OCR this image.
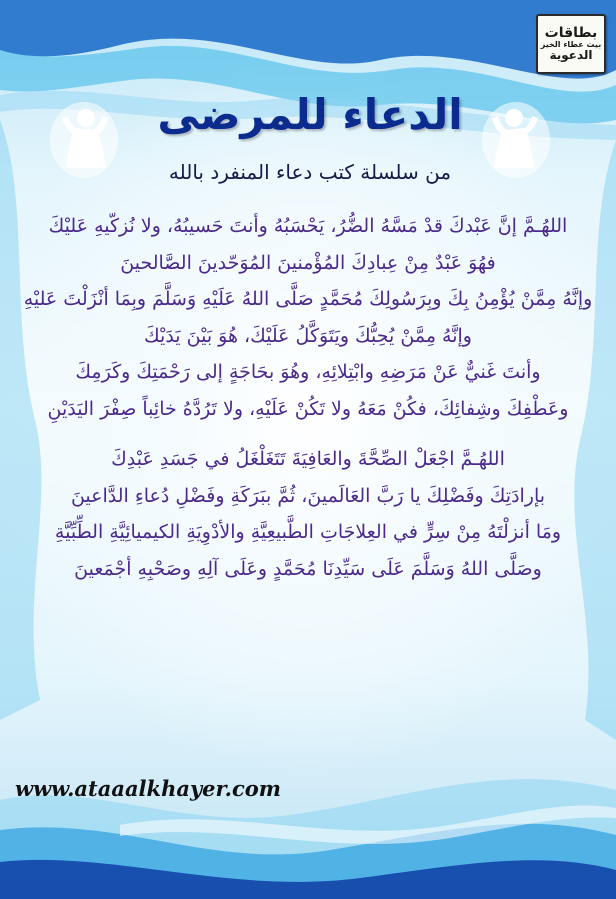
بطاقات
بيت عطاء الخير
الدعوية
الدعاء للمرضى
من سلسلة كتب دعاء المنفرد بالله
اللهُـمَّ إنَّ عَبْدكَ قدْ مَسَّهُ الضُّرُ، يَحْسَبُهُ وأنتَ حَسيبُهُ، ولا نُزكّيهِ عَليْكَ
فهُوَ عَبْدٌ مِنْ عِبادِكَ المُؤْمنينَ المُوَحّدينَ الصَّالحينَ
وإنَّهُ مِمَّنْ يُؤْمِنُ بِكَ وبِرَسُولِكَ مُحَمَّدٍ صَلَّى اللهُ عَلَيْهِ وَسَلَّمَ وبِمَا أنْزَلْتَ عَليْهِ
وإنَّهُ مِمَّنْ يُحِبُّكَ ويَتَوَكَّلُ عَلَيْكَ، هُوَ بَيْنَ يَدَيْكَ
وأنتَ غَنيٌّ عَنْ مَرَضِهِ وابْتِلائِهِ، وهُوَ بحَاجَةٍ إلى رَحْمَتِكَ وكَرَمِكَ
وعَطْفِكَ وشِفائِكَ، فكُنْ مَعَهُ ولا تَكُنْ عَلَيْهِ، ولا تَرُدَّهُ خائِباً صِفْرَ اليَدَيْنِ
اللهُـمَّ اجْعَلْ الصِّحَّةَ والعَافِيَةَ تَتَغَلْغَلُ في جَسَدِ عَبْدِكَ
بإرادَتِكَ وفَضْلِكَ يا رَبَّ العَالَمينَ، ثُمَّ ببَرَكَةِ وفَضْلِ دُعاءِ الدَّاعينَ
ومَا أنزلْتَهُ مِنْ سِرٍّ في العِلاجَاتِ الطَّبيعِيَّةِ والأدْوِيَةِ الكيميائِيَّةِ الطِّبِّيَّةِ
وصَلَّى اللهُ وَسَلَّمَ عَلَى سَيِّدِنَا مُحَمَّدٍ وعَلَى آلِهِ وصَحْبِهِ أجْمَعينَ
www.ataaalkhayer.com
